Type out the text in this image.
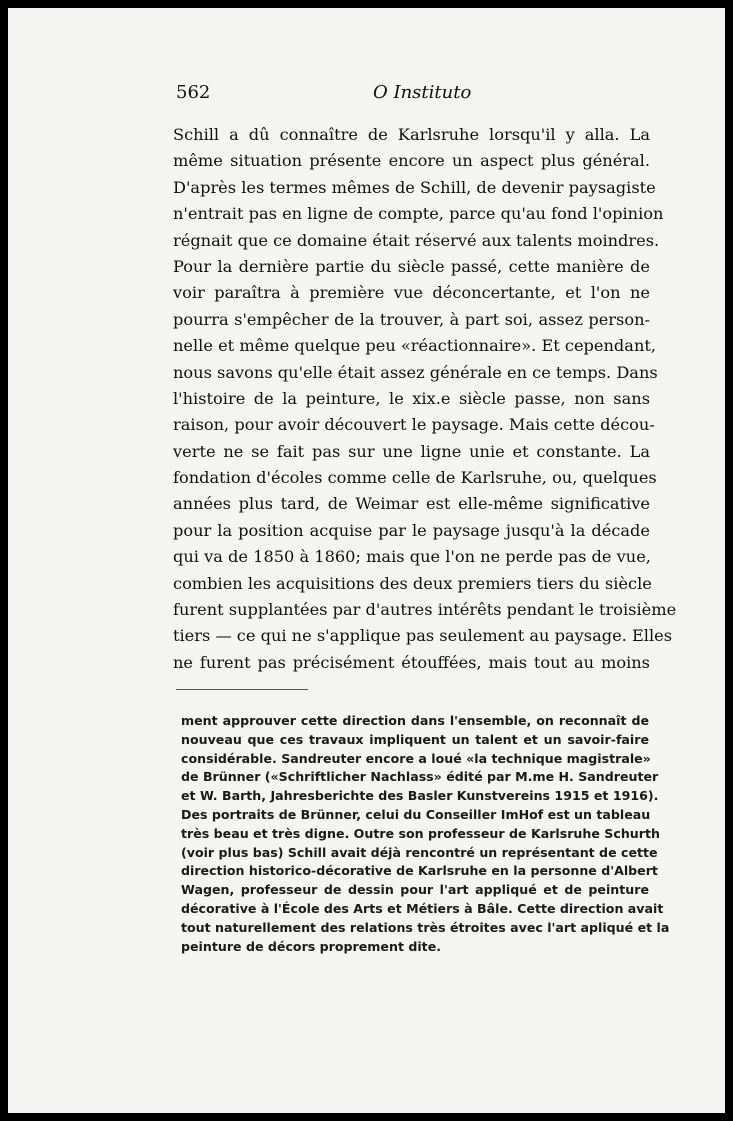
562	O Instituto
Schill a dû connaître de Karlsruhe lorsqu'il y alla. La
même situation présente encore un aspect plus général.
D'après les termes mêmes de Schill, de devenir paysagiste
n'entrait pas en ligne de compte, parce qu'au fond l'opinion
régnait que ce domaine était réservé aux talents moindres.
Pour la dernière partie du siècle passé, cette manière de
voir paraîtra à première vue déconcertante, et l'on ne
pourra s'empêcher de la trouver, à part soi, assez person-
nelle et même quelque peu «réactionnaire». Et cependant,
nous savons qu'elle était assez générale en ce temps. Dans
l'histoire de la peinture, le xix.e siècle passe, non sans
raison, pour avoir découvert le paysage. Mais cette décou-
verte ne se fait pas sur une ligne unie et constante. La
fondation d'écoles comme celle de Karlsruhe, ou, quelques
années plus tard, de Weimar est elle-même significative
pour la position acquise par le paysage jusqu'à la décade
qui va de 1850 à 1860; mais que l'on ne perde pas de vue,
combien les acquisitions des deux premiers tiers du siècle
furent supplantées par d'autres intérêts pendant le troisième
tiers — ce qui ne s'applique pas seulement au paysage. Elles
ne furent pas précisément étouffées, mais tout au moins
ment approuver cette direction dans l'ensemble, on reconnaît de
nouveau que ces travaux impliquent un talent et un savoir-faire
considérable. Sandreuter encore a loué «la technique magistrale»
de Brünner («Schriftlicher Nachlass» édité par M.me H. Sandreuter
et W. Barth, Jahresberichte des Basler Kunstvereins 1915 et 1916).
Des portraits de Brünner, celui du Conseiller ImHof est un tableau
très beau et très digne. Outre son professeur de Karlsruhe Schurth
(voir plus bas) Schill avait déjà rencontré un représentant de cette
direction historico-décorative de Karlsruhe en la personne d'Albert
Wagen, professeur de dessin pour l'art appliqué et de peinture
décorative à l'École des Arts et Métiers à Bâle. Cette direction avait
tout naturellement des relations très étroites avec l'art apliqué et la
peinture de décors proprement dite.
